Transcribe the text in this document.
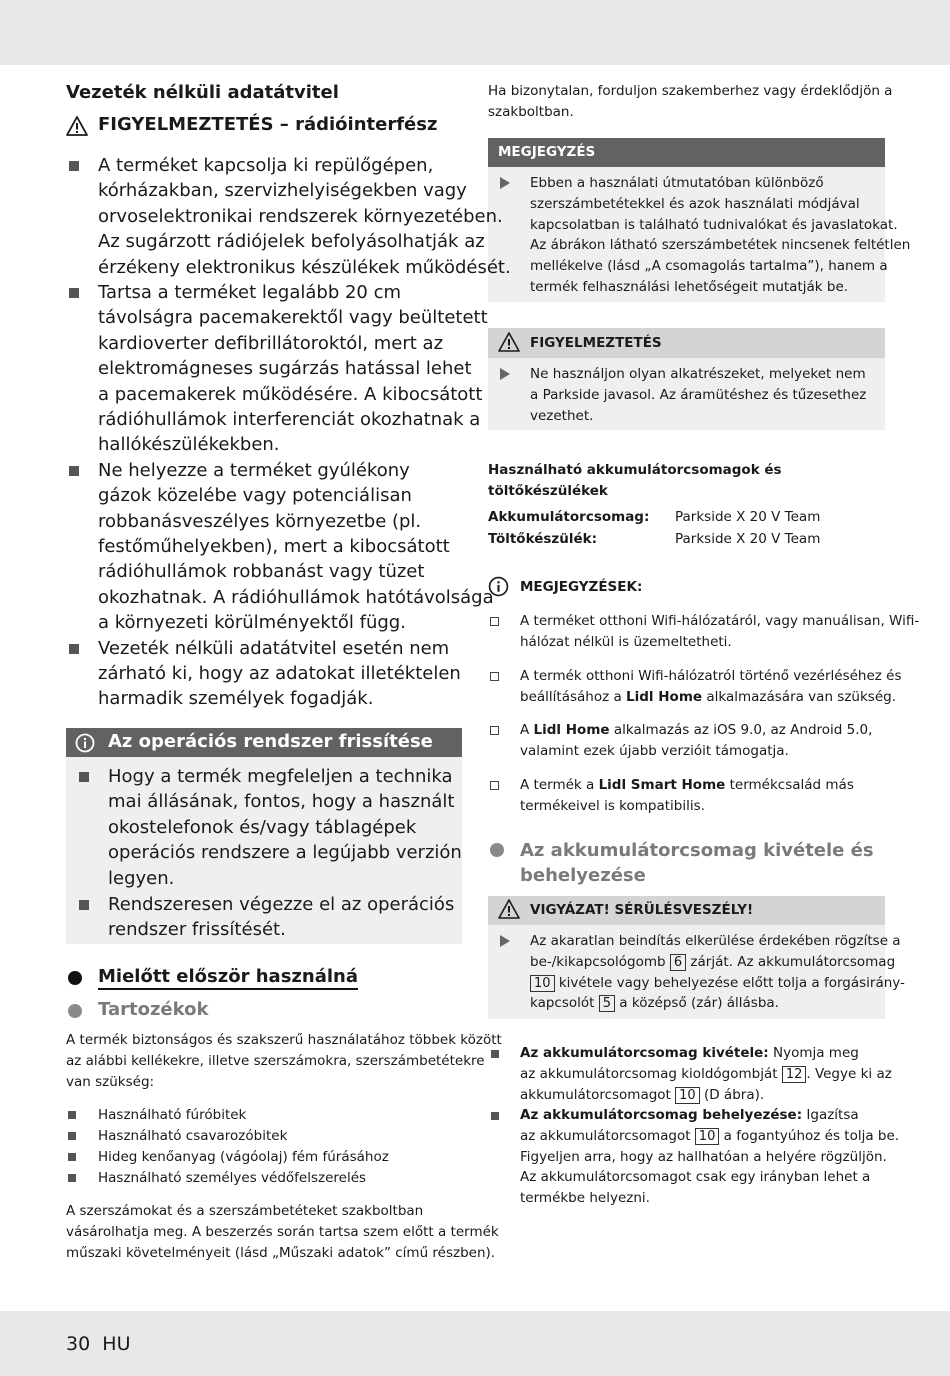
Vezeték nélküli adatátvitel
FIGYELMEZTETÉS – rádióinterfész
Az operációs rendszer frissítése
Mielőtt először használná
Tartozékok
MEGJEGYZÉS
FIGYELMEZTETÉS
MEGJEGYZÉSEK:
A terméket otthoni Wifi-hálózatáról, vagy manuálisan, Wifi-
hálózat nélkül is üzemeltetheti.
A termék otthoni Wifi-hálózatról történő vezérléséhez és
beállításához a Lidl Home alkalmazására van szükség.
A Lidl Home alkalmazás az iOS 9.0, az Android 5.0,
valamint ezek újabb verzióit támogatja.
A termék a Lidl Smart Home termékcsalád más
termékeivel is kompatibilis.
Az akkumulátorcsomag kivétele és
behelyezése
VIGYÁZAT! SÉRÜLÉSVESZÉLY!
Az akaratlan beindítás elkerülése érdekében rögzítse a
be-/kikapcsológomb 6 zárját. Az akkumulátorcsomag
10 kivétele vagy behelyezése előtt tolja a forgásirány-
kapcsolót 5 a középső (zár) állásba.
Az akkumulátorcsomag kivétele: Nyomja meg
az akkumulátorcsomag kioldógombját 12 . Vegye ki az
akkumulátorcsomagot 10 (D ábra).
Az akkumulátorcsomag behelyezése: Igazítsa
az akkumulátorcsomagot 10 a fogantyúhoz és tolja be.
Figyeljen arra, hogy az hallhatóan a helyére rögzüljön.
Az akkumulátorcsomagot csak egy irányban lehet a
termékbe helyezni.
30 HU
A terméket kapcsolja ki repülőgépen,
kórházakban, szervizhelyiségekben vagy
orvoselektronikai rendszerek környezetében.
Az sugárzott rádiójelek befolyásolhatják az
érzékeny elektronikus készülékek működését.
Tartsa a terméket legalább 20 cm
távolságra pacemakerektől vagy beültetett
kardioverter defibrillátoroktól, mert az
elektromágneses sugárzás hatással lehet
a pacemakerek működésére. A kibocsátott
rádióhullámok interferenciát okozhatnak a
hallókészülékekben.
Ne helyezze a terméket gyúlékony
gázok közelébe vagy potenciálisan
robbanásveszélyes környezetbe (pl.
festőműhelyekben), mert a kibocsátott
rádióhullámok robbanást vagy tüzet
okozhatnak. A rádióhullámok hatótávolsága
a környezeti körülményektől függ.
Vezeték nélküli adatátvitel esetén nem
zárható ki, hogy az adatokat illetéktelen
harmadik személyek fogadják.
Hogy a termék megfeleljen a technika
mai állásának, fontos, hogy a használt
okostelefonok és/vagy táblagépek
operációs rendszere a legújabb verzión
legyen.
Rendszeresen végezze el az operációs
rendszer frissítését.
A termék biztonságos és szakszerű használatához többek között
az alábbi kellékekre, illetve szerszámokra, szerszámbetétekre
van szükség:
Használható fúróbitek
Használható csavarozóbitek
Hideg kenőanyag (vágóolaj) fém fúrásához
Használható személyes védőfelszerelés
A szerszámokat és a szerszámbetéteket szakboltban
vásárolhatja meg. A beszerzés során tartsa szem előtt a termék
műszaki követelményeit (lásd „Műszaki adatok” című részben).
Ha bizonytalan, forduljon szakemberhez vagy érdeklődjön a
szakboltban.
Ebben a használati útmutatóban különböző
szerszámbetétekkel és azok használati módjával
kapcsolatban is található tudnivalókat és javaslatokat.
Az ábrákon látható szerszámbetétek nincsenek feltétlen
mellékelve (lásd „A csomagolás tartalma”), hanem a
termék felhasználási lehetőségeit mutatják be.
Ne használjon olyan alkatrészeket, melyeket nem
a Parkside javasol. Az áramütéshez és tűzesethez
vezethet.
Használható akkumulátorcsomagok és
töltőkészülékek
Akkumulátorcsomag: Parkside X 20 V Team
Töltőkészülék:	Parkside X 20 V Team
